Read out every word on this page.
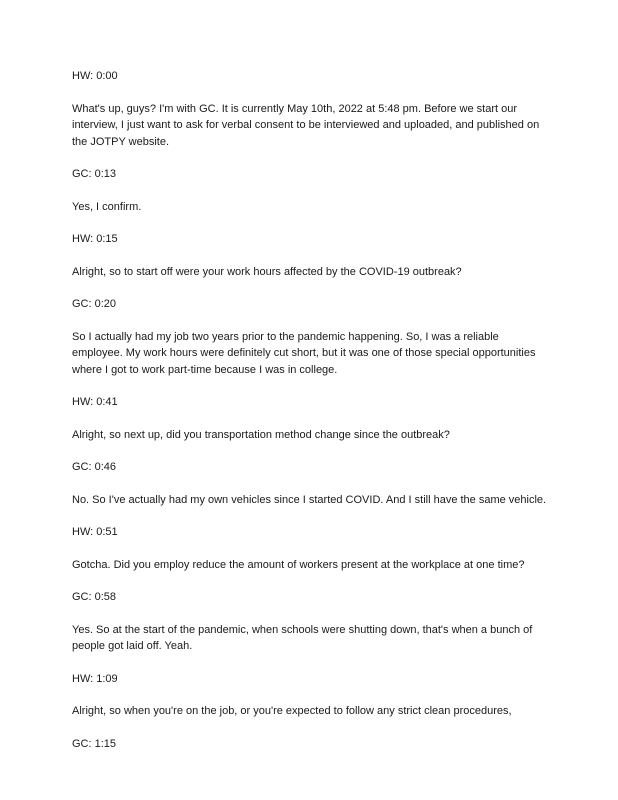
HW: 0:00

What's up, guys? I'm with GC. It is currently May 10th, 2022 at 5:48 pm. Before we start our interview, I just want to ask for verbal consent to be interviewed and uploaded, and published on the JOTPY website.

GC: 0:13

Yes, I confirm.

HW: 0:15

Alright, so to start off were your work hours affected by the COVID-19 outbreak?

GC: 0:20

So I actually had my job two years prior to the pandemic happening. So, I was a reliable employee. My work hours were definitely cut short, but it was one of those special opportunities where I got to work part-time because I was in college.

HW: 0:41

Alright, so next up, did you transportation method change since the outbreak?

GC: 0:46

No. So I've actually had my own vehicles since I started COVID. And I still have the same vehicle.

HW: 0:51

Gotcha. Did you employ reduce the amount of workers present at the workplace at one time?

GC: 0:58

Yes. So at the start of the pandemic, when schools were shutting down, that's when a bunch of people got laid off. Yeah.

HW: 1:09

Alright, so when you're on the job, or you're expected to follow any strict clean procedures,

GC: 1:15
